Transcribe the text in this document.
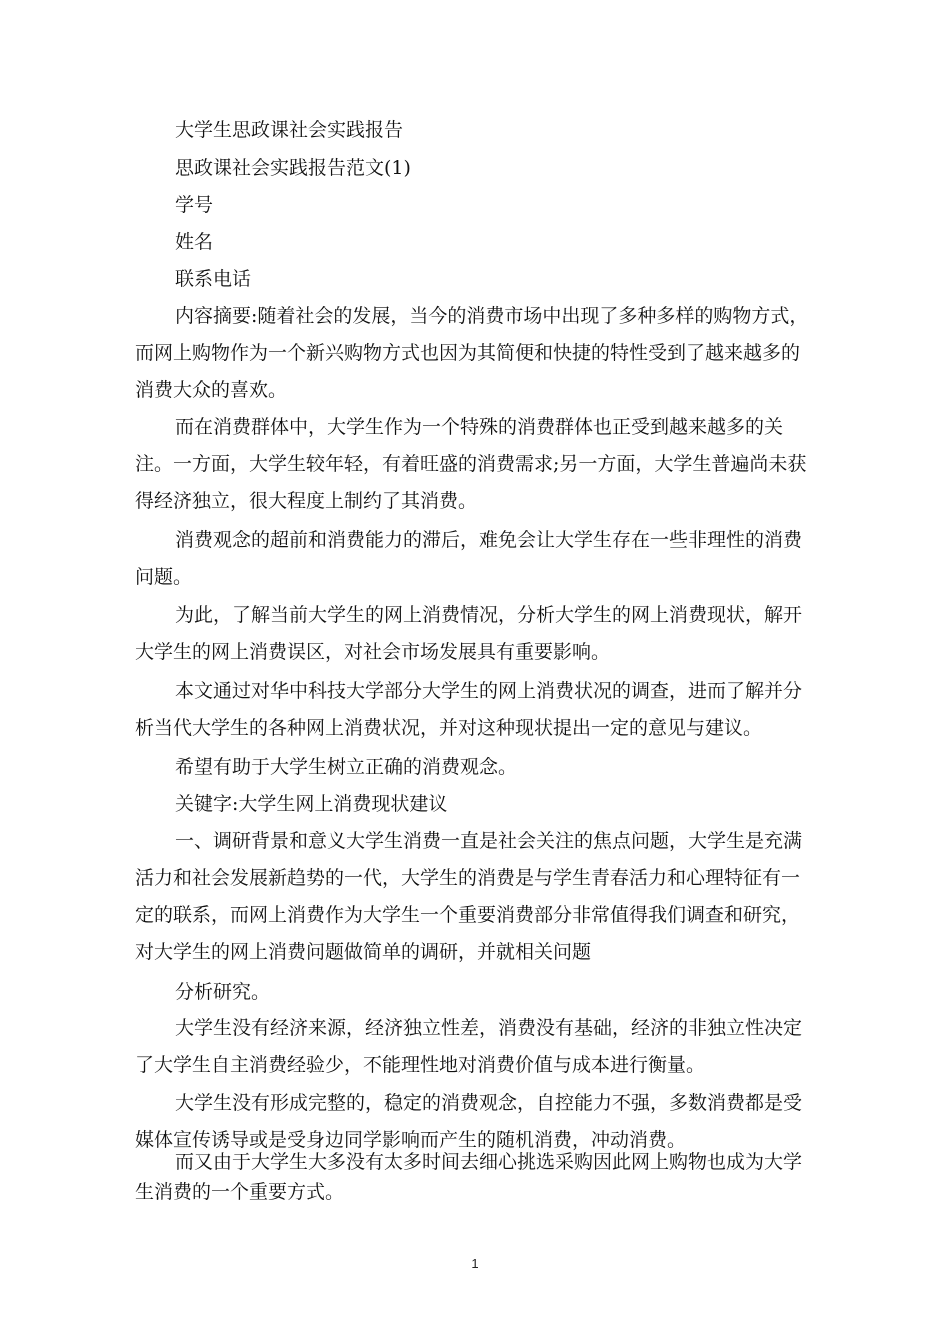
大学生思政课社会实践报告

思政课社会实践报告范文(1)

学号

姓名

联系电话

内容摘要:随着社会的发展，当今的消费市场中出现了多种多样的购物方式，而网上购物作为一个新兴购物方式也因为其简便和快捷的特性受到了越来越多的消费大众的喜欢。

而在消费群体中，大学生作为一个特殊的消费群体也正受到越来越多的关注。一方面，大学生较年轻，有着旺盛的消费需求;另一方面，大学生普遍尚未获得经济独立，很大程度上制约了其消费。

消费观念的超前和消费能力的滞后，难免会让大学生存在一些非理性的消费问题。

为此，了解当前大学生的网上消费情况，分析大学生的网上消费现状，解开大学生的网上消费误区，对社会市场发展具有重要影响。

本文通过对华中科技大学部分大学生的网上消费状况的调查，进而了解并分析当代大学生的各种网上消费状况，并对这种现状提出一定的意见与建议。

希望有助于大学生树立正确的消费观念。

关键字:大学生网上消费现状建议

一、调研背景和意义大学生消费一直是社会关注的焦点问题，大学生是充满活力和社会发展新趋势的一代，大学生的消费是与学生青春活力和心理特征有一定的联系，而网上消费作为大学生一个重要消费部分非常值得我们调查和研究，对大学生的网上消费问题做简单的调研，并就相关问题

分析研究。

大学生没有经济来源，经济独立性差，消费没有基础，经济的非独立性决定了大学生自主消费经验少，不能理性地对消费价值与成本进行衡量。

大学生没有形成完整的，稳定的消费观念，自控能力不强，多数消费都是受媒体宣传诱导或是受身边同学影响而产生的随机消费，冲动消费。

而又由于大学生大多没有太多时间去细心挑选采购因此网上购物也成为大学生消费的一个重要方式。

1
